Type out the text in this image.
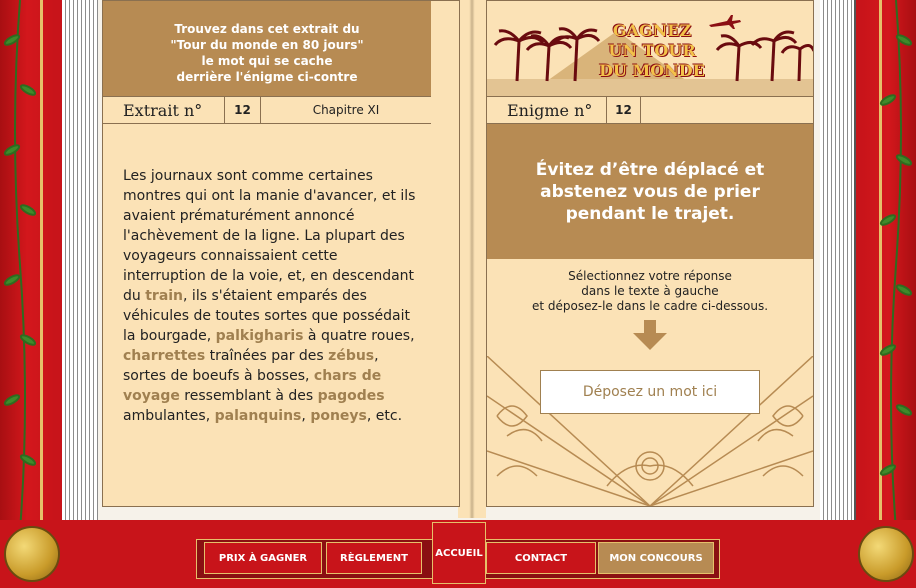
Trouvez dans cet extrait du
"Tour du monde en 80 jours"
le mot qui se cache
derrière l'énigme ci-contre
Extrait n°	12	Chapitre XI
Les journaux sont comme certaines montres qui ont la manie d'avancer, et ils avaient prématurément annoncé l'achèvement de la ligne. La plupart des voyageurs connaissaient cette interruption de la voie, et, en descendant du train, ils s'étaient emparés des véhicules de toutes sortes que possédait la bourgade, palkigharis à quatre roues, charrettes traînées par des zébus, sortes de boeufs à bosses, chars de voyage ressemblant à des pagodes ambulantes, palanquins, poneys, etc.
GAGNEZ
UN TOUR
DU MONDE
Enigme n°	12
Évitez d’être déplacé et abstenez vous de prier pendant le trajet.
Sélectionnez votre réponse
dans le texte à gauche
et déposez-le dans le cadre ci-dessous.
Déposez un mot ici
PRIX À GAGNER	RÈGLEMENT	ACCUEIL	CONTACT	MON CONCOURS
